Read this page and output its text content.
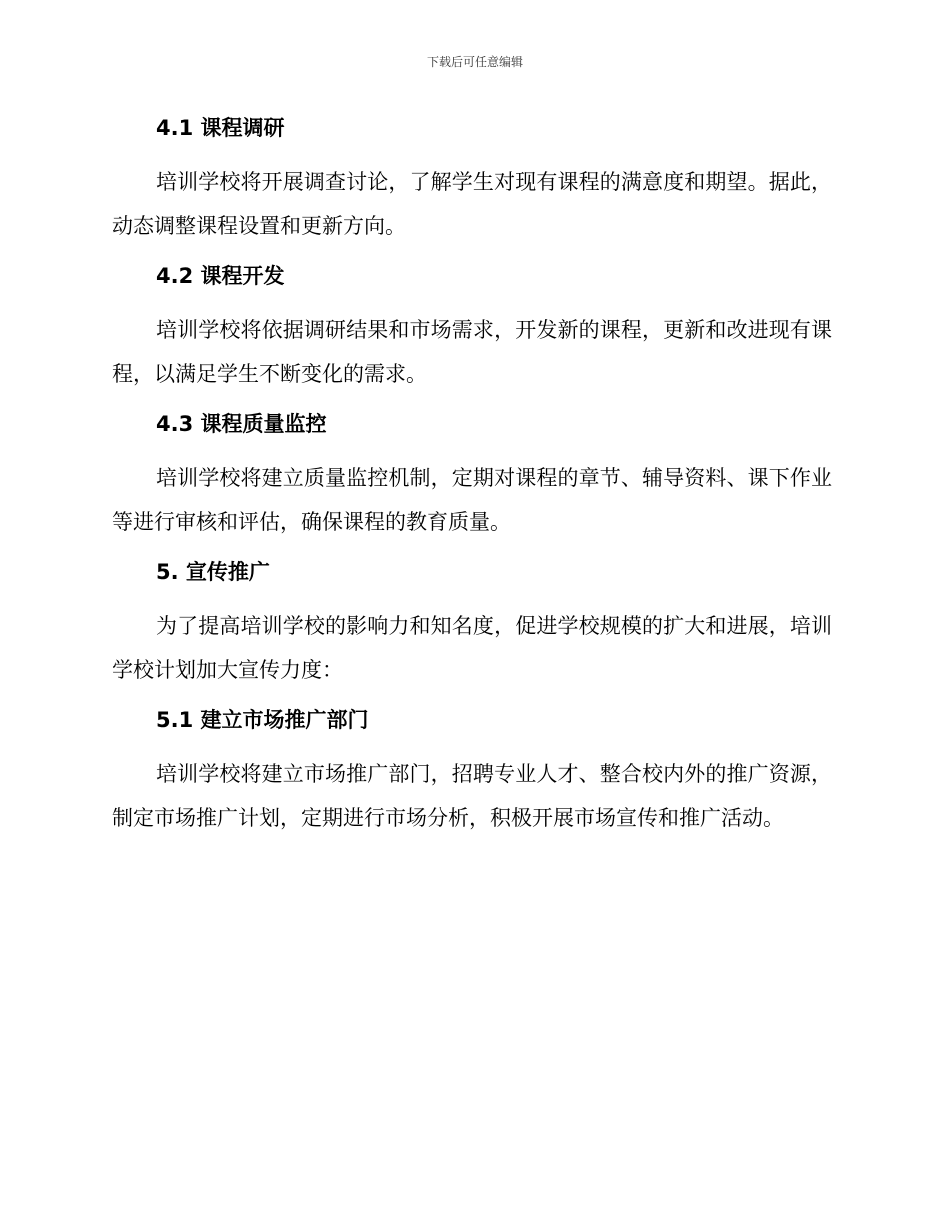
下载后可任意编辑
4.1 课程调研

培训学校将开展调查讨论，了解学生对现有课程的满意度和期望。据此，动态调整课程设置和更新方向。

4.2 课程开发

培训学校将依据调研结果和市场需求，开发新的课程，更新和改进现有课程，以满足学生不断变化的需求。

4.3 课程质量监控

培训学校将建立质量监控机制，定期对课程的章节、辅导资料、课下作业等进行审核和评估，确保课程的教育质量。

5. 宣传推广

为了提高培训学校的影响力和知名度，促进学校规模的扩大和进展，培训学校计划加大宣传力度：

5.1 建立市场推广部门

培训学校将建立市场推广部门，招聘专业人才、整合校内外的推广资源，制定市场推广计划，定期进行市场分析，积极开展市场宣传和推广活动。
